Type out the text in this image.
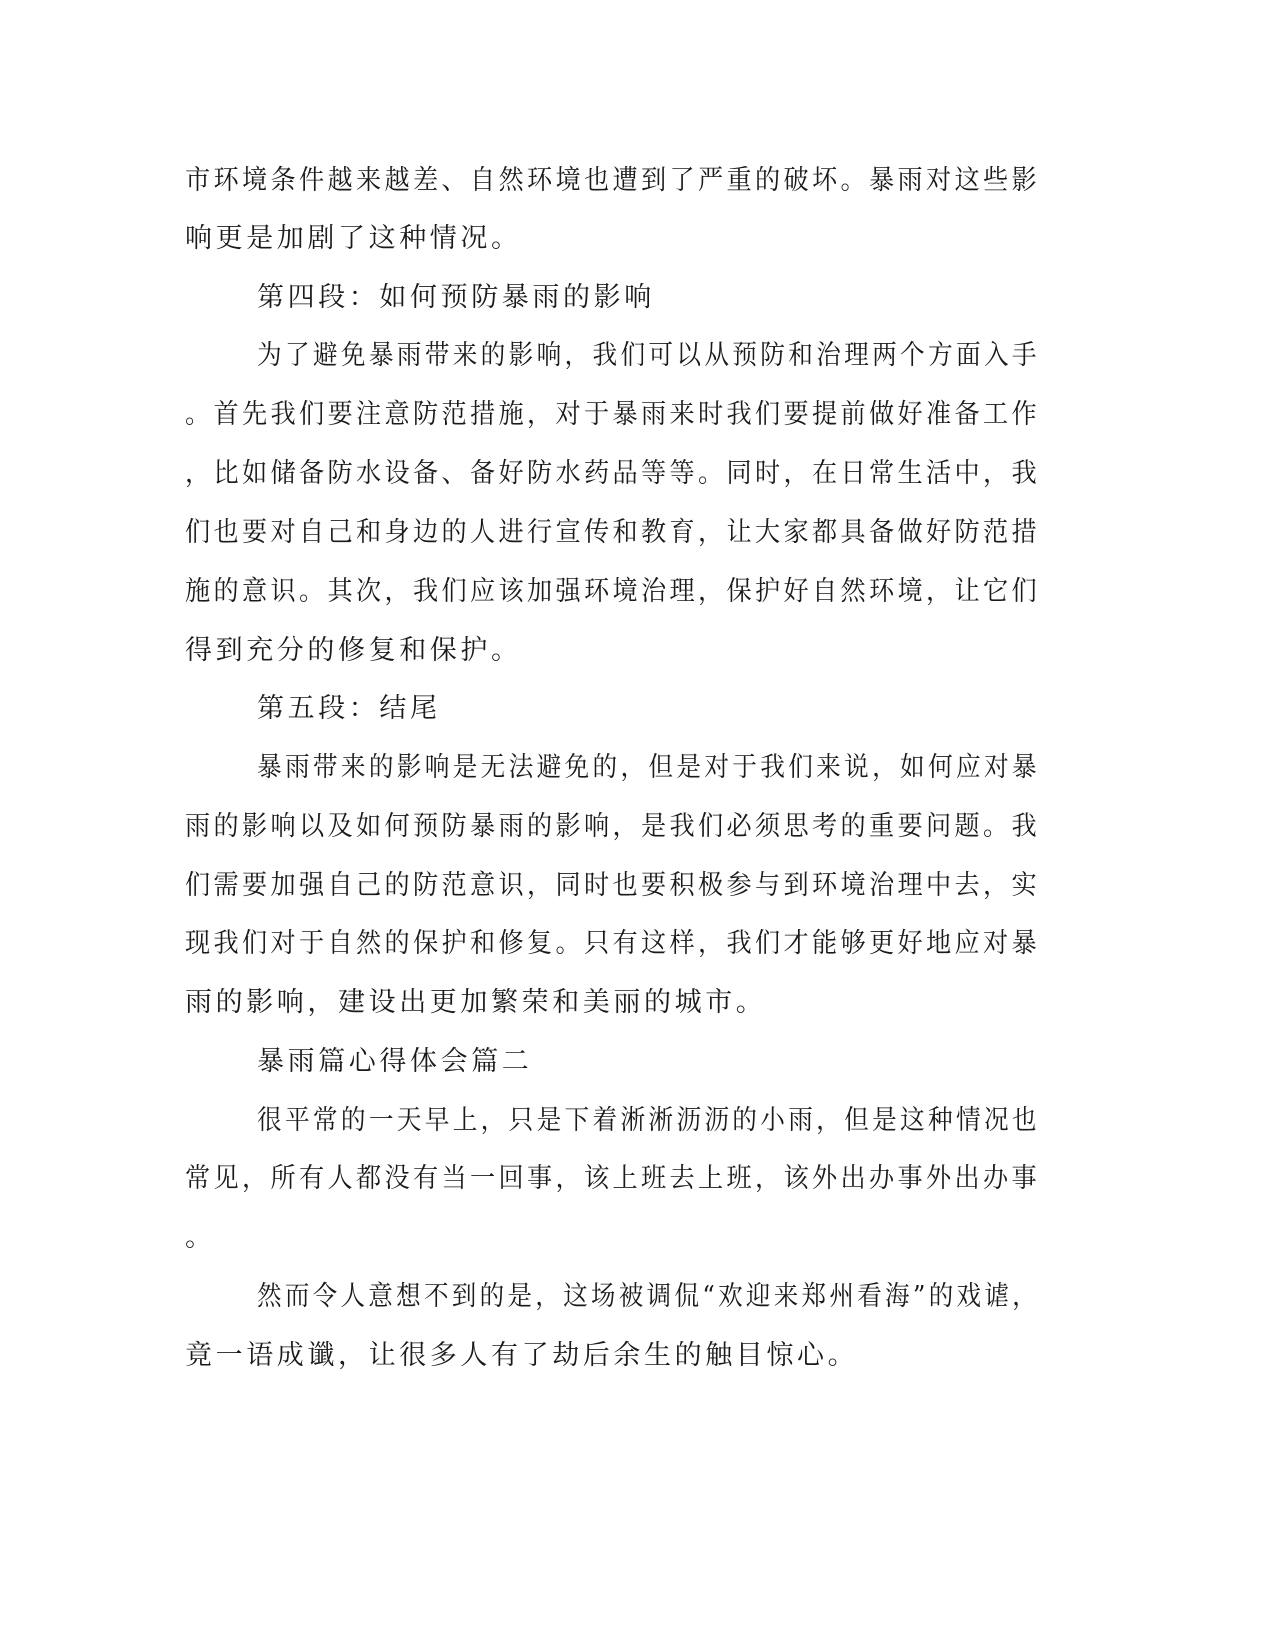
市环境条件越来越差、自然环境也遭到了严重的破坏。暴雨对这些影
响更是加剧了这种情况。
第四段：如何预防暴雨的影响
为了避免暴雨带来的影响，我们可以从预防和治理两个方面入手
。首先我们要注意防范措施，对于暴雨来时我们要提前做好准备工作
，比如储备防水设备、备好防水药品等等。同时，在日常生活中，我
们也要对自己和身边的人进行宣传和教育，让大家都具备做好防范措
施的意识。其次，我们应该加强环境治理，保护好自然环境，让它们
得到充分的修复和保护。
第五段：结尾
暴雨带来的影响是无法避免的，但是对于我们来说，如何应对暴
雨的影响以及如何预防暴雨的影响，是我们必须思考的重要问题。我
们需要加强自己的防范意识，同时也要积极参与到环境治理中去，实
现我们对于自然的保护和修复。只有这样，我们才能够更好地应对暴
雨的影响，建设出更加繁荣和美丽的城市。
暴雨篇心得体会篇二
很平常的一天早上，只是下着淅淅沥沥的小雨，但是这种情况也
常见，所有人都没有当一回事，该上班去上班，该外出办事外出办事
。
然而令人意想不到的是，这场被调侃“欢迎来郑州看海”的戏谑，
竟一语成谶，让很多人有了劫后余生的触目惊心。
